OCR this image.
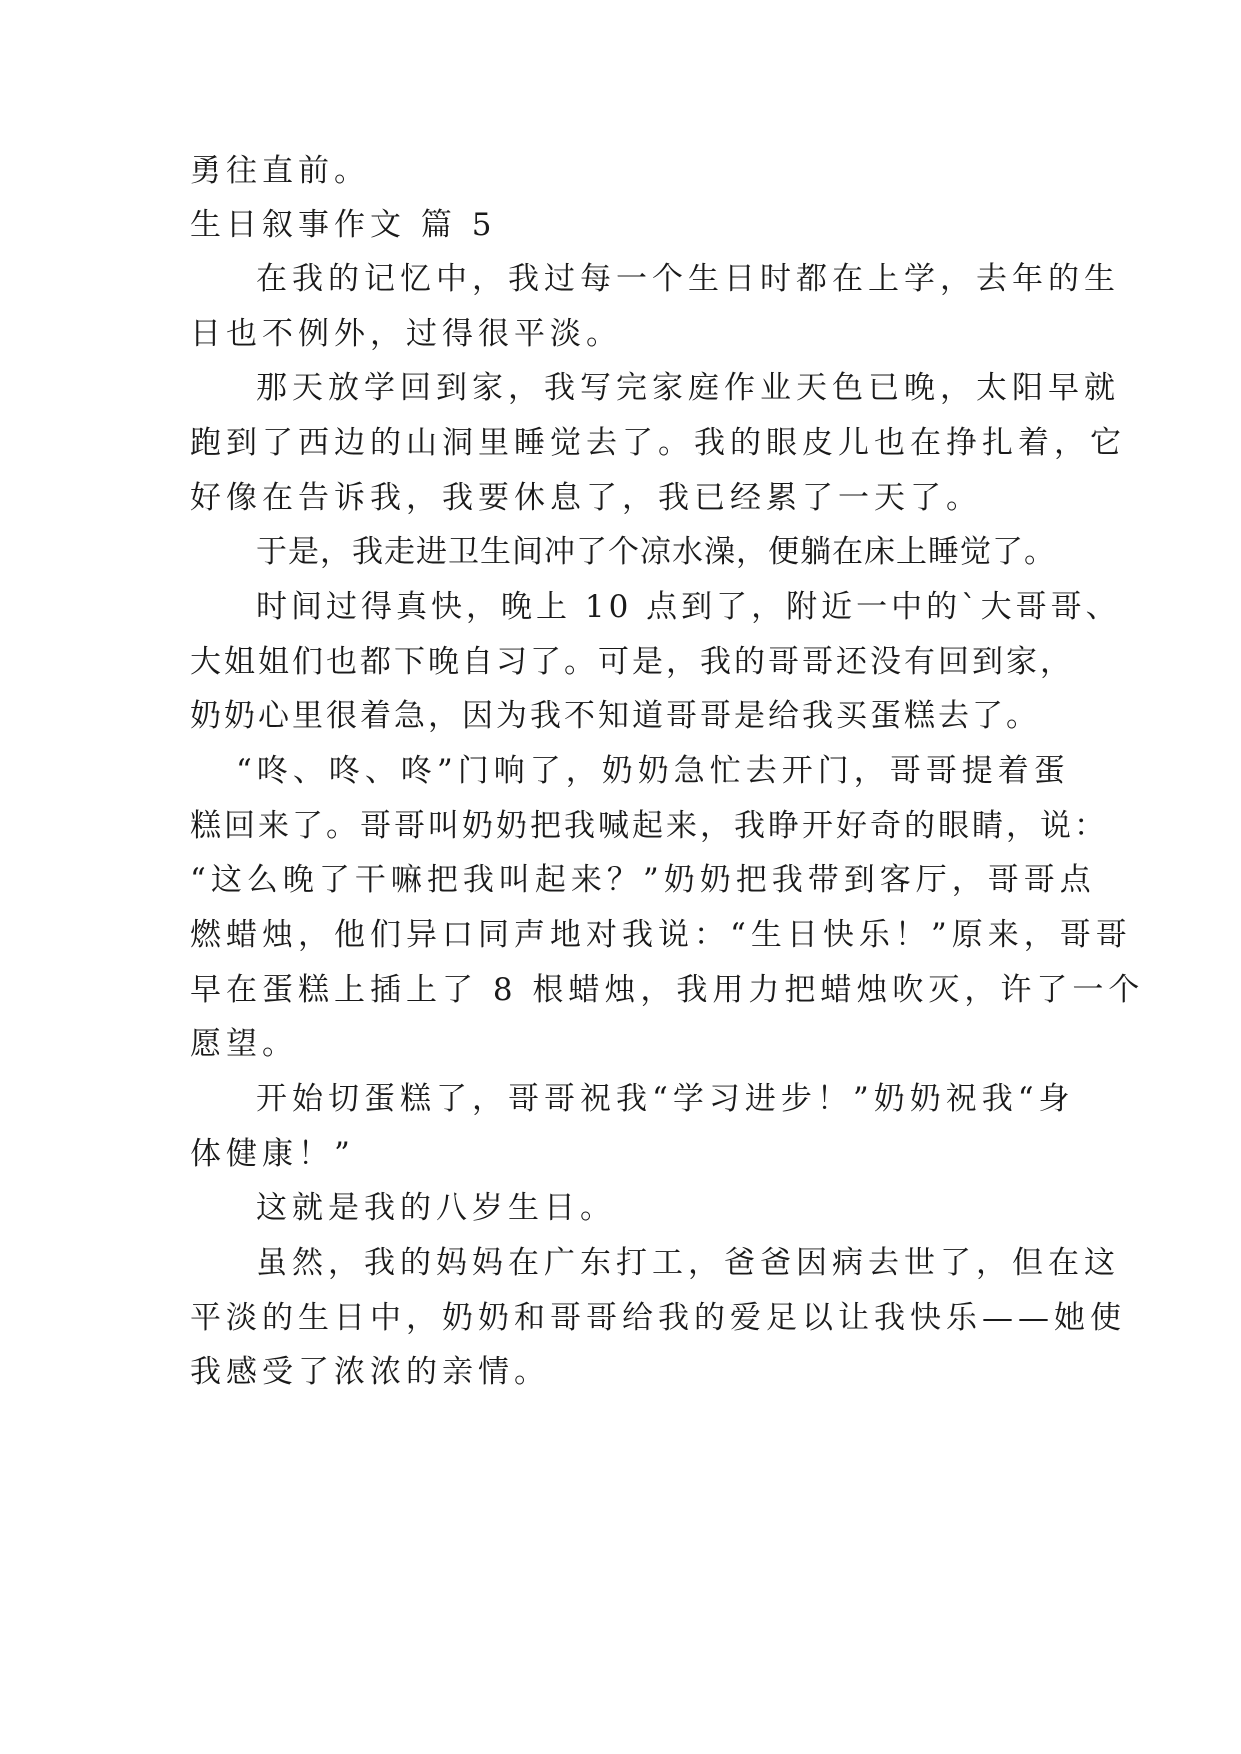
勇往直前。
生日叙事作文 篇 5
在我的记忆中，我过每一个生日时都在上学，去年的生
日也不例外，过得很平淡。
那天放学回到家，我写完家庭作业天色已晚，太阳早就
跑到了西边的山洞里睡觉去了。我的眼皮儿也在挣扎着，它
好像在告诉我，我要休息了，我已经累了一天了。
于是，我走进卫生间冲了个凉水澡，便躺在床上睡觉了。
时间过得真快，晚上 10 点到了，附近一中的`大哥哥、
大姐姐们也都下晚自习了。可是，我的哥哥还没有回到家，
奶奶心里很着急，因为我不知道哥哥是给我买蛋糕去了。
“咚、咚、咚”门响了，奶奶急忙去开门，哥哥提着蛋
糕回来了。哥哥叫奶奶把我喊起来，我睁开好奇的眼睛，说：
“这么晚了干嘛把我叫起来？”奶奶把我带到客厅，哥哥点
燃蜡烛，他们异口同声地对我说：“生日快乐！”原来，哥哥
早在蛋糕上插上了 8 根蜡烛，我用力把蜡烛吹灭，许了一个
愿望。
开始切蛋糕了，哥哥祝我“学习进步！”奶奶祝我“身
体健康！”
这就是我的八岁生日。
虽然，我的妈妈在广东打工，爸爸因病去世了，但在这
平淡的生日中，奶奶和哥哥给我的爱足以让我快乐——她使
我感受了浓浓的亲情。
